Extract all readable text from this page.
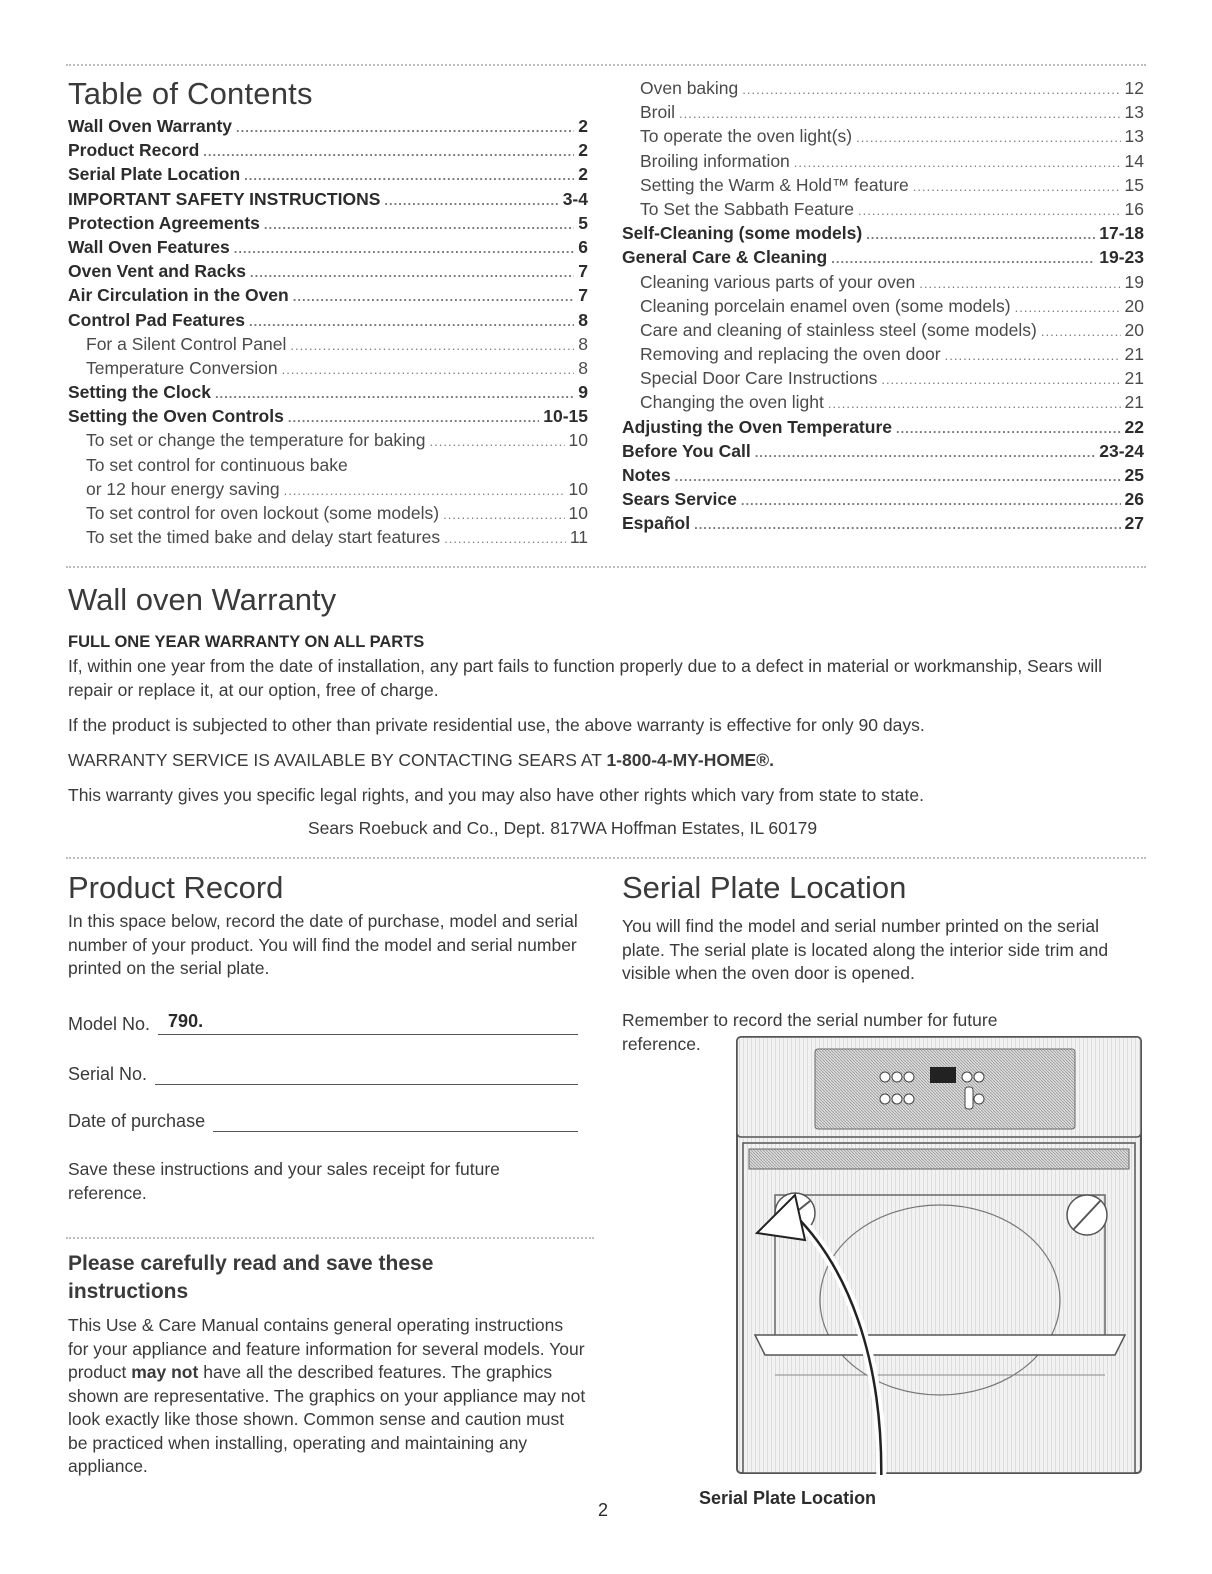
Table of Contents
Wall Oven Warranty .....	2
Product Record .....	2
Serial Plate Location .....	2
IMPORTANT SAFETY INSTRUCTIONS .....	3-4
Protection Agreements .....	5
Wall Oven Features .....	6
Oven Vent and Racks .....	7
Air Circulation in the Oven .....	7
Control Pad Features .....	8
For a Silent Control Panel .....	8
Temperature Conversion .....	8
Setting the Clock .....	9
Setting the Oven Controls .....	10-15
To set or change the temperature for baking .....	10
To set control for continuous bake
or 12 hour energy saving .....	10
To set control for oven lockout (some models) .....	10
To set the timed bake and delay start features .....	11
Oven baking .....	12
Broil .....	13
To operate the oven light(s) .....	13
Broiling information .....	14
Setting the Warm & Hold™ feature .....	15
To Set the Sabbath Feature .....	16
Self-Cleaning (some models) .....	17-18
General Care & Cleaning .....	19-23
Cleaning various parts of your oven .....	19
Cleaning porcelain enamel oven (some models) .....	20
Care and cleaning of stainless steel (some models) .....	20
Removing and replacing the oven door .....	21
Special Door Care Instructions .....	21
Changing the oven light .....	21
Adjusting the Oven Temperature .....	22
Before You Call .....	23-24
Notes .....	25
Sears Service .....	26
Español .....	27
Wall oven Warranty

FULL ONE YEAR WARRANTY ON ALL PARTS

If, within one year from the date of installation, any part fails to function properly due to a defect in material or workmanship, Sears will repair or replace it, at our option, free of charge.

If the product is subjected to other than private residential use, the above warranty is effective for only 90 days.

WARRANTY SERVICE IS AVAILABLE BY CONTACTING SEARS AT 1-800-4-MY-HOME®.

This warranty gives you specific legal rights, and you may also have other rights which vary from state to state.

Sears Roebuck and Co., Dept. 817WA Hoffman Estates, IL 60179

Product Record

In this space below, record the date of purchase, model and serial number of your product. You will find the model and serial number printed on the serial plate.

Model No. 790.
Serial No.
Date of purchase

Save these instructions and your sales receipt for future reference.

Please carefully read and save these instructions

This Use & Care Manual contains general operating instructions for your appliance and feature information for several models. Your product may not have all the described features. The graphics shown are representative. The graphics on your appliance may not look exactly like those shown. Common sense and caution must be practiced when installing, operating and maintaining any appliance.

Serial Plate Location

You will find the model and serial number printed on the serial plate. The serial plate is located along the interior side trim and visible when the oven door is opened.

Remember to record the serial number for future reference.

Serial Plate Location
2
